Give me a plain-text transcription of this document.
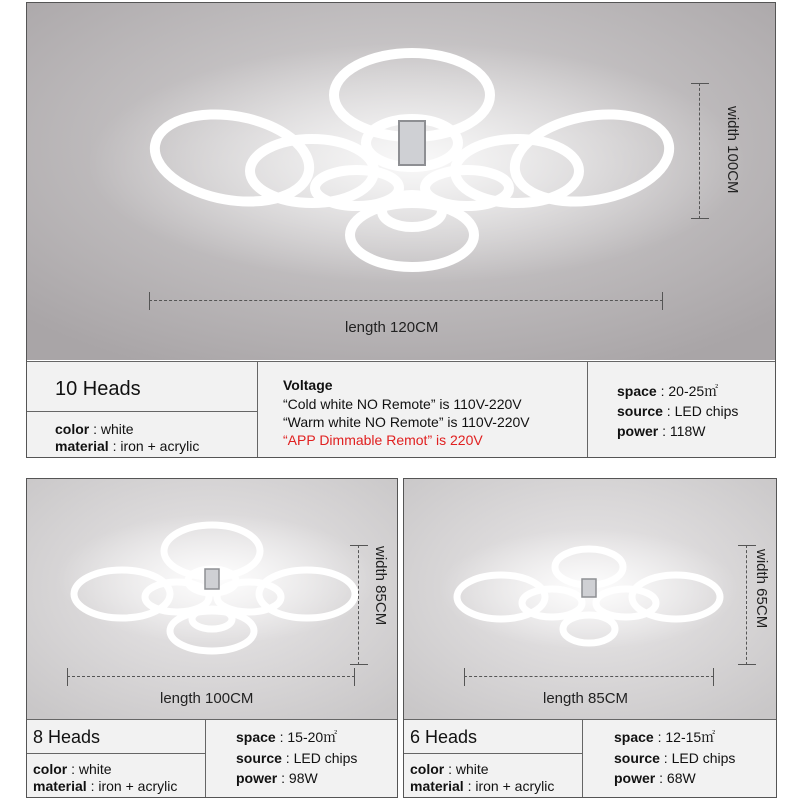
length 120CM
width 100CM
10 Heads
color : white
material : iron + acrylic
Voltage
“Cold white NO Remote” is 110V-220V
“Warm white NO Remote” is 110V-220V
“APP Dimmable Remot” is 220V
space : 20-25㎡
source : LED chips
power : 118W
length 100CM
width 85CM
8 Heads
color : white
material : iron + acrylic
space : 15-20㎡
source : LED chips
power : 98W
length 85CM
width 65CM
6 Heads
color : white
material : iron + acrylic
space : 12-15㎡
source : LED chips
power : 68W
